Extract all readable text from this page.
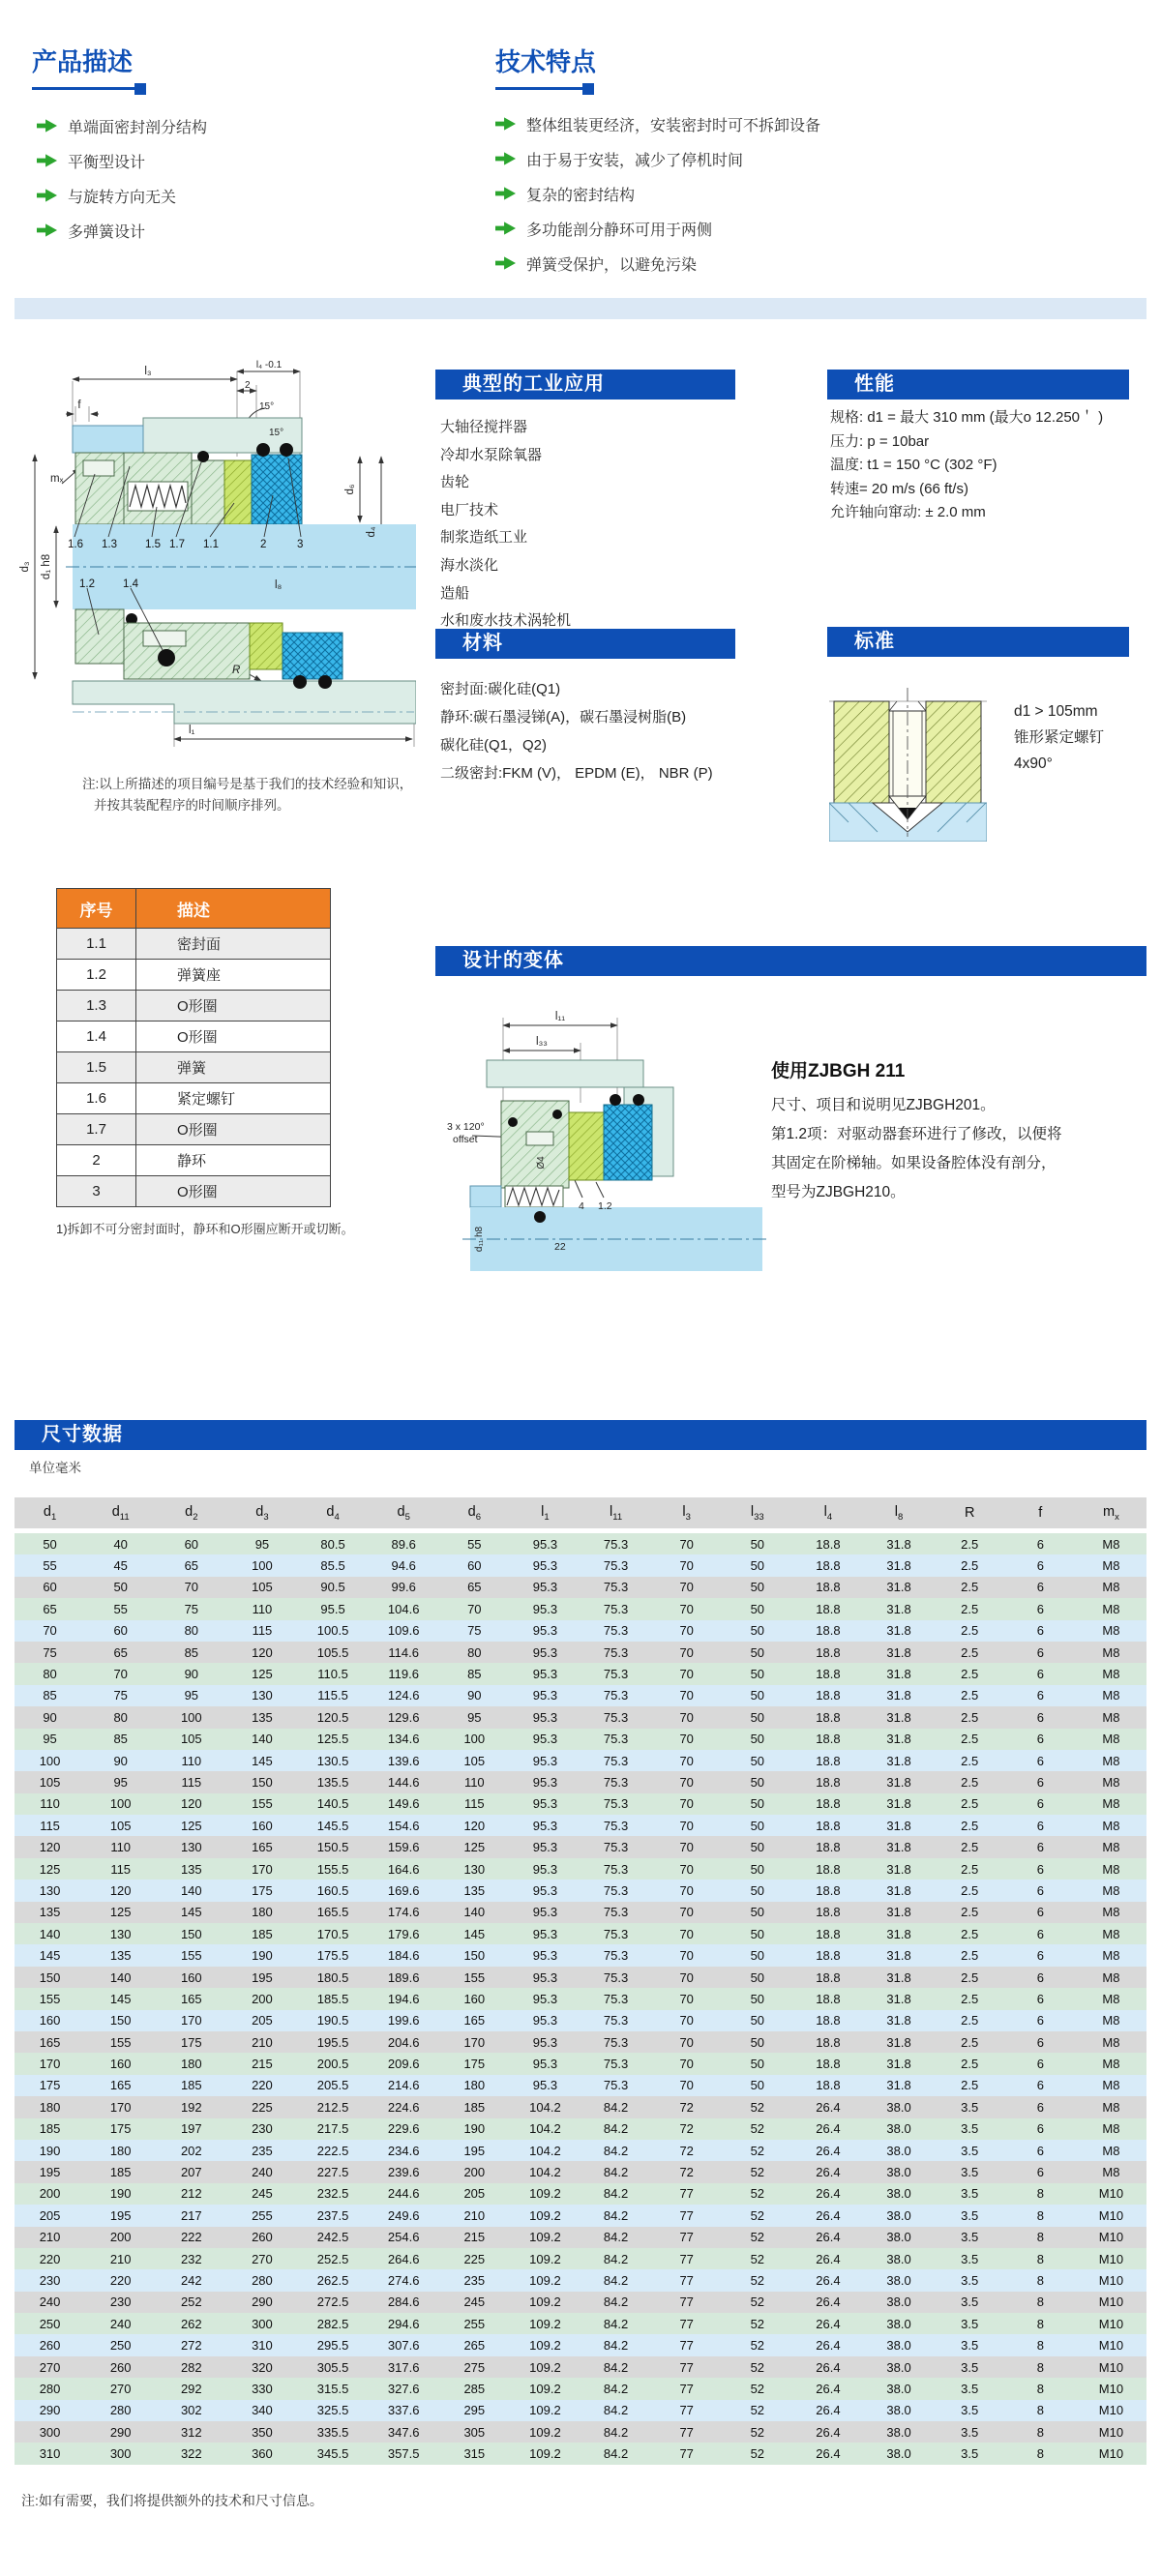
产品描述
单端面密封剖分结构
平衡型设计
与旋转方向无关
多弹簧设计
技术特点
整体组装更经济，安装密封时可不拆卸设备
由于易于安装，减少了停机时间
复杂的密封结构
多功能剖分静环可用于两侧
弹簧受保护，以避免污染
l₃
l₄ -0.1
2
15°
15°
f
mₓ
d₃ d₁ h8
d₆
d₄
l₈
l₁
R
1.6 1.3	1.5 1.7 1.1	2	3
1.2	1.4
典型的工业应用
大轴径搅拌器
冷却水泵除氧器
齿轮
电厂技术
制浆造纸工业
海水淡化
造船
水和废水技术涡轮机
材料
密封面:碳化硅(Q1)
静环:碳石墨浸锑(A)，碳石墨浸树脂(B)
碳化硅(Q1，Q2)
二级密封:FKM (V)， EPDM (E)， NBR (P)
性能
规格: d1 = 最大 310 mm (最大o 12.250＇ )
压力: p = 10bar
温度: t1 = 150 °C (302 °F)
转速= 20 m/s (66 ft/s)
允许轴向窜动: ± 2.0 mm
标准
d1 > 105mm
锥形紧定螺钉
4x90°
注:以上所描述的项目编号是基于我们的技术经验和知识，
并按其装配程序的时间顺序排列。
序号	描述
1.1	密封面
1.2	弹簧座
1.3	O形圈
1.4	O形圈
1.5	弹簧
1.6	紧定螺钉
1.7	O形圈
2	静环
3	O形圈
1)拆卸不可分密封面时，静环和O形圈应断开或切断。
设计的变体
l₁₁
l₃₃
3 x 120°
offset
Ø4
d₁₁ h8
4 1.2
22
使用ZJBGH 211
尺寸、项目和说明见ZJBGH201。
第1.2项：对驱动器套环进行了修改，以便将
其固定在阶梯轴。如果设备腔体没有剖分，
型号为ZJBGH210。
尺寸数据
单位毫米
$d_1$	$d_{11}$	$d_2$	$d_3$	$d_4$	$d_5$	$d_6$	$l_1$	$l_{11}$	$l_3$	$l_{33}$	$l_4$	$l_8$	R	f	$m_x$
50	40	60	95	80.5	89.6	55	95.3	75.3	70	50	18.8	31.8	2.5	6	M8
55	45	65	100	85.5	94.6	60	95.3	75.3	70	50	18.8	31.8	2.5	6	M8
60	50	70	105	90.5	99.6	65	95.3	75.3	70	50	18.8	31.8	2.5	6	M8
65	55	75	110	95.5	104.6	70	95.3	75.3	70	50	18.8	31.8	2.5	6	M8
70	60	80	115	100.5	109.6	75	95.3	75.3	70	50	18.8	31.8	2.5	6	M8
75	65	85	120	105.5	114.6	80	95.3	75.3	70	50	18.8	31.8	2.5	6	M8
80	70	90	125	110.5	119.6	85	95.3	75.3	70	50	18.8	31.8	2.5	6	M8
85	75	95	130	115.5	124.6	90	95.3	75.3	70	50	18.8	31.8	2.5	6	M8
90	80	100	135	120.5	129.6	95	95.3	75.3	70	50	18.8	31.8	2.5	6	M8
95	85	105	140	125.5	134.6	100	95.3	75.3	70	50	18.8	31.8	2.5	6	M8
100	90	110	145	130.5	139.6	105	95.3	75.3	70	50	18.8	31.8	2.5	6	M8
105	95	115	150	135.5	144.6	110	95.3	75.3	70	50	18.8	31.8	2.5	6	M8
110	100	120	155	140.5	149.6	115	95.3	75.3	70	50	18.8	31.8	2.5	6	M8
115	105	125	160	145.5	154.6	120	95.3	75.3	70	50	18.8	31.8	2.5	6	M8
120	110	130	165	150.5	159.6	125	95.3	75.3	70	50	18.8	31.8	2.5	6	M8
125	115	135	170	155.5	164.6	130	95.3	75.3	70	50	18.8	31.8	2.5	6	M8
130	120	140	175	160.5	169.6	135	95.3	75.3	70	50	18.8	31.8	2.5	6	M8
135	125	145	180	165.5	174.6	140	95.3	75.3	70	50	18.8	31.8	2.5	6	M8
140	130	150	185	170.5	179.6	145	95.3	75.3	70	50	18.8	31.8	2.5	6	M8
145	135	155	190	175.5	184.6	150	95.3	75.3	70	50	18.8	31.8	2.5	6	M8
150	140	160	195	180.5	189.6	155	95.3	75.3	70	50	18.8	31.8	2.5	6	M8
155	145	165	200	185.5	194.6	160	95.3	75.3	70	50	18.8	31.8	2.5	6	M8
160	150	170	205	190.5	199.6	165	95.3	75.3	70	50	18.8	31.8	2.5	6	M8
165	155	175	210	195.5	204.6	170	95.3	75.3	70	50	18.8	31.8	2.5	6	M8
170	160	180	215	200.5	209.6	175	95.3	75.3	70	50	18.8	31.8	2.5	6	M8
175	165	185	220	205.5	214.6	180	95.3	75.3	70	50	18.8	31.8	2.5	6	M8
180	170	192	225	212.5	224.6	185	104.2	84.2	72	52	26.4	38.0	3.5	6	M8
185	175	197	230	217.5	229.6	190	104.2	84.2	72	52	26.4	38.0	3.5	6	M8
190	180	202	235	222.5	234.6	195	104.2	84.2	72	52	26.4	38.0	3.5	6	M8
195	185	207	240	227.5	239.6	200	104.2	84.2	72	52	26.4	38.0	3.5	6	M8
200	190	212	245	232.5	244.6	205	109.2	84.2	77	52	26.4	38.0	3.5	8	M10
205	195	217	255	237.5	249.6	210	109.2	84.2	77	52	26.4	38.0	3.5	8	M10
210	200	222	260	242.5	254.6	215	109.2	84.2	77	52	26.4	38.0	3.5	8	M10
220	210	232	270	252.5	264.6	225	109.2	84.2	77	52	26.4	38.0	3.5	8	M10
230	220	242	280	262.5	274.6	235	109.2	84.2	77	52	26.4	38.0	3.5	8	M10
240	230	252	290	272.5	284.6	245	109.2	84.2	77	52	26.4	38.0	3.5	8	M10
250	240	262	300	282.5	294.6	255	109.2	84.2	77	52	26.4	38.0	3.5	8	M10
260	250	272	310	295.5	307.6	265	109.2	84.2	77	52	26.4	38.0	3.5	8	M10
270	260	282	320	305.5	317.6	275	109.2	84.2	77	52	26.4	38.0	3.5	8	M10
280	270	292	330	315.5	327.6	285	109.2	84.2	77	52	26.4	38.0	3.5	8	M10
290	280	302	340	325.5	337.6	295	109.2	84.2	77	52	26.4	38.0	3.5	8	M10
300	290	312	350	335.5	347.6	305	109.2	84.2	77	52	26.4	38.0	3.5	8	M10
310	300	322	360	345.5	357.5	315	109.2	84.2	77	52	26.4	38.0	3.5	8	M10
注:如有需要，我们将提供额外的技术和尺寸信息。
